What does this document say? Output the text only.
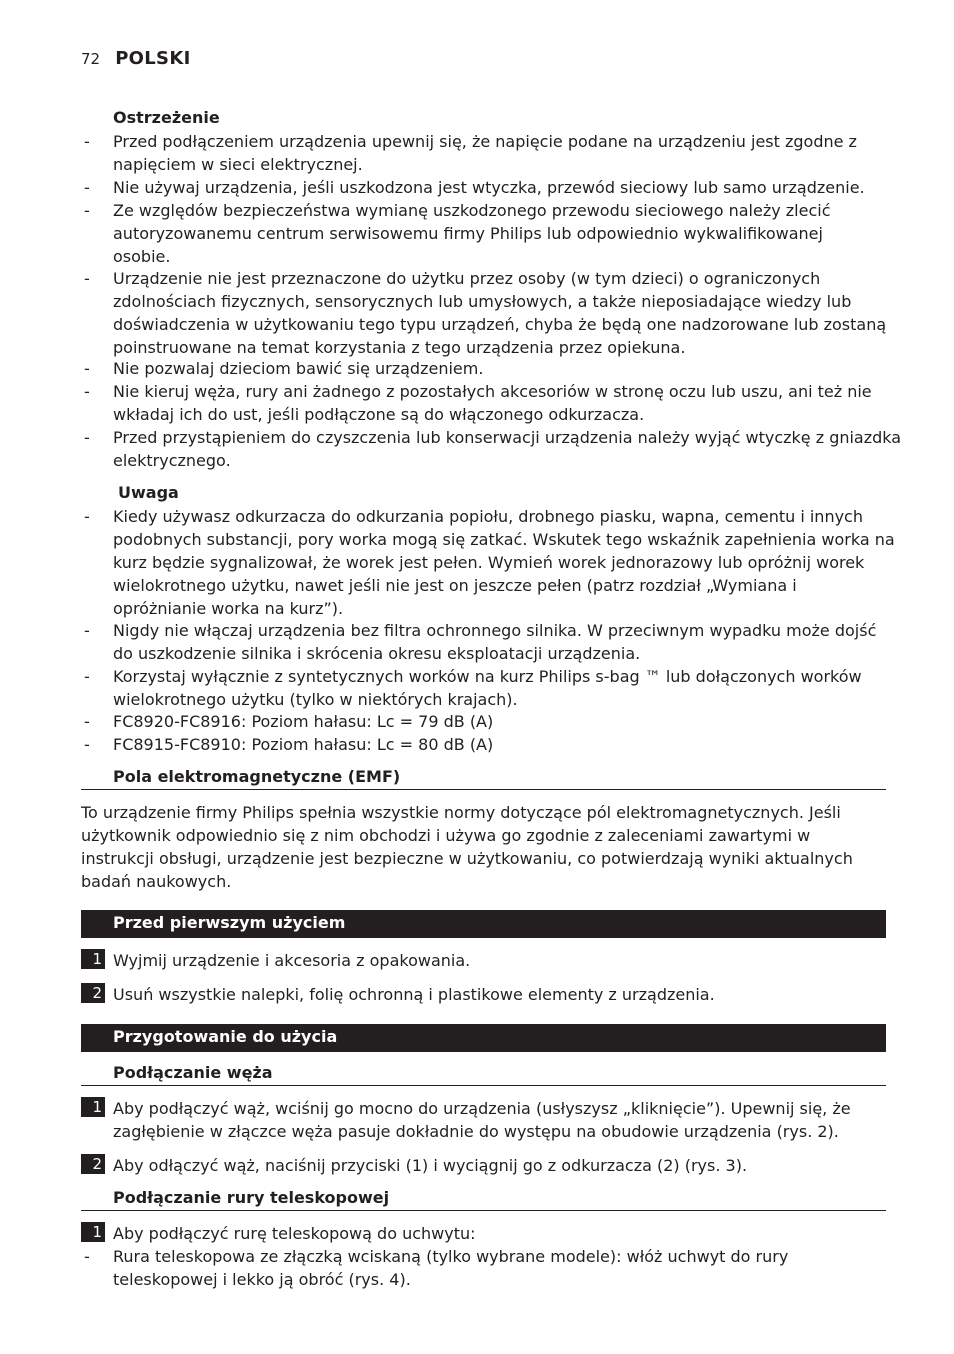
72 POLSKI
Ostrzeżenie
- Przed podłączeniem urządzenia upewnij się, że napięcie podane na urządzeniu jest zgodne z
napięciem w sieci elektrycznej.
- Nie używaj urządzenia, jeśli uszkodzona jest wtyczka, przewód sieciowy lub samo urządzenie.
- Ze względów bezpieczeństwa wymianę uszkodzonego przewodu sieciowego należy zlecić
autoryzowanemu centrum serwisowemu firmy Philips lub odpowiednio wykwalifikowanej
osobie.
- Urządzenie nie jest przeznaczone do użytku przez osoby (w tym dzieci) o ograniczonych
zdolnościach fizycznych, sensorycznych lub umysłowych, a także nieposiadające wiedzy lub
doświadczenia w użytkowaniu tego typu urządzeń, chyba że będą one nadzorowane lub zostaną
poinstruowane na temat korzystania z tego urządzenia przez opiekuna.
- Nie pozwalaj dzieciom bawić się urządzeniem.
- Nie kieruj węża, rury ani żadnego z pozostałych akcesoriów w stronę oczu lub uszu, ani też nie
wkładaj ich do ust, jeśli podłączone są do włączonego odkurzacza.
- Przed przystąpieniem do czyszczenia lub konserwacji urządzenia należy wyjąć wtyczkę z gniazdka
elektrycznego.
Uwaga
- Kiedy używasz odkurzacza do odkurzania popiołu, drobnego piasku, wapna, cementu i innych
podobnych substancji, pory worka mogą się zatkać. Wskutek tego wskaźnik zapełnienia worka na
kurz będzie sygnalizował, że worek jest pełen. Wymień worek jednorazowy lub opróżnij worek
wielokrotnego użytku, nawet jeśli nie jest on jeszcze pełen (patrz rozdział „Wymiana i
opróżnianie worka na kurz”).
- Nigdy nie włączaj urządzenia bez filtra ochronnego silnika. W przeciwnym wypadku może dojść
do uszkodzenie silnika i skrócenia okresu eksploatacji urządzenia.
- Korzystaj wyłącznie z syntetycznych worków na kurz Philips s-bag ™ lub dołączonych worków
wielokrotnego użytku (tylko w niektórych krajach).
- FC8920-FC8916: Poziom hałasu: Lc = 79 dB (A)
- FC8915-FC8910: Poziom hałasu: Lc = 80 dB (A)
Pola elektromagnetyczne (EMF)
To urządzenie firmy Philips spełnia wszystkie normy dotyczące pól elektromagnetycznych. Jeśli
użytkownik odpowiednio się z nim obchodzi i używa go zgodnie z zaleceniami zawartymi w
instrukcji obsługi, urządzenie jest bezpieczne w użytkowaniu, co potwierdzają wyniki aktualnych
badań naukowych.
Przed pierwszym użyciem
1 Wyjmij urządzenie i akcesoria z opakowania.
2 Usuń wszystkie nalepki, folię ochronną i plastikowe elementy z urządzenia.
Przygotowanie do użycia
Podłączanie węża
1 Aby podłączyć wąż, wciśnij go mocno do urządzenia (usłyszysz „kliknięcie”). Upewnij się, że
zagłębienie w złączce węża pasuje dokładnie do występu na obudowie urządzenia (rys. 2).
2 Aby odłączyć wąż, naciśnij przyciski (1) i wyciągnij go z odkurzacza (2) (rys. 3).
Podłączanie rury teleskopowej
1 Aby podłączyć rurę teleskopową do uchwytu:
- Rura teleskopowa ze złączką wciskaną (tylko wybrane modele): włóż uchwyt do rury
teleskopowej i lekko ją obróć (rys. 4).
